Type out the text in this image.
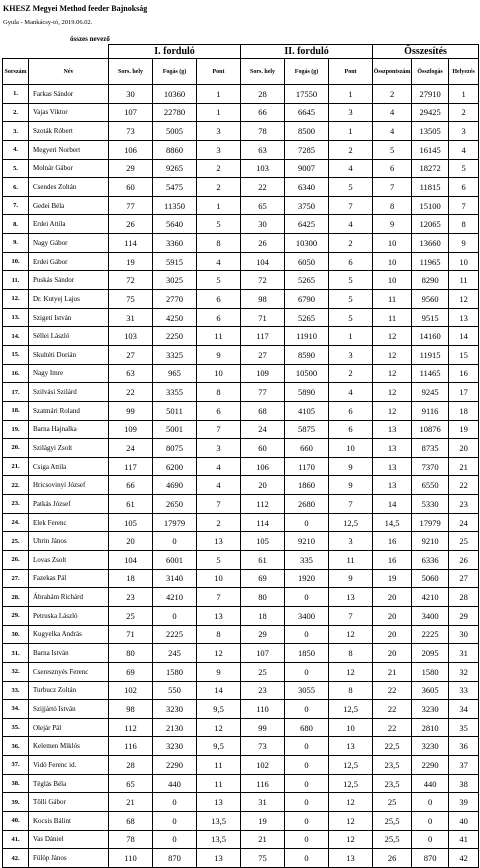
KHESZ Megyei Method feeder Bajnokság
Gyula - Mankácsy-tó, 2019.06.02.
összes nevező
		I. forduló			II. forduló			Összesítés		
Sorszám	Név	Sors. hely	Fogás (g)	Pont	Sors. hely	Fogás (g)	Pont	Összpontszám	Összfogás	Helyezés
1.	Farkas Sándor	30	10360	1	28	17550	1	2	27910	1
2.	Vajas Viktor	107	22780	1	66	6645	3	4	29425	2
3.	Szoták Róbert	73	5005	3	78	8500	1	4	13505	3
4.	Megyeri Norbert	106	8860	3	63	7285	2	5	16145	4
5.	Molnár Gábor	29	9265	2	103	9007	4	6	18272	5
6.	Csendes Zoltán	60	5475	2	22	6340	5	7	11815	6
7.	Gedei Béla	77	11350	1	65	3750	7	8	15100	7
8.	Erdei Attila	26	5640	5	30	6425	4	9	12065	8
9.	Nagy Gábor	114	3360	8	26	10300	2	10	13660	9
10.	Erdei Gábor	19	5915	4	104	6050	6	10	11965	10
11.	Puskás Sándor	72	3025	5	72	5265	5	10	8290	11
12.	Dr. Kutyej Lajos	75	2770	6	98	6790	5	11	9560	12
13.	Szigeti István	31	4250	6	71	5265	5	11	9515	13
14.	Séllei László	103	2250	11	117	11910	1	12	14160	14
15.	Skultéti Dorián	27	3325	9	27	8590	3	12	11915	15
16.	Nagy Imre	63	965	10	109	10500	2	12	11465	16
17.	Szilvási Szilárd	22	3355	8	77	5890	4	12	9245	17
18.	Szatmári Roland	99	5011	6	68	4105	6	12	9116	18
19.	Barna Hajnalka	109	5001	7	24	5875	6	13	10876	19
20.	Szilágyi Zsolt	24	8075	3	60	660	10	13	8735	20
21.	Csiga Attila	117	6200	4	106	1170	9	13	7370	21
22.	Hricsovinyi József	66	4690	4	20	1860	9	13	6550	22
23.	Patkás József	61	2650	7	112	2680	7	14	5330	23
24.	Elek Ferenc	105	17979	2	114	0	12,5	14,5	17979	24
25.	Uhrin János	20	0	13	105	9210	3	16	9210	25
26.	Lovas Zsolt	104	6001	5	61	335	11	16	6336	26
27.	Fazekas Pál	18	3140	10	69	1920	9	19	5060	27
28.	Ábrahám Richárd	23	4210	7	80	0	13	20	4210	28
29.	Petruska László	25	0	13	18	3400	7	20	3400	29
30.	Kugyelka András	71	2225	8	29	0	12	20	2225	30
31.	Barna István	80	245	12	107	1850	8	20	2095	31
32.	Cseresznyés Ferenc	69	1580	9	25	0	12	21	1580	32
33.	Turbucz Zoltán	102	550	14	23	3055	8	22	3605	33
34.	Szijjártó István	98	3230	9,5	110	0	12,5	22	3230	34
35.	Olejár Pál	112	2130	12	99	680	10	22	2810	35
36.	Kelemen Miklós	116	3230	9,5	73	0	13	22,5	3230	36
37.	Vidó Ferenc id.	28	2290	11	102	0	12,5	23,5	2290	37
38.	Téglás Béla	65	440	11	116	0	12,5	23,5	440	38
39.	Tölli Gábor	21	0	13	31	0	12	25	0	39
40.	Kocsis Bálint	68	0	13,5	19	0	12	25,5	0	40
41.	Vas Dániel	78	0	13,5	21	0	12	25,5	0	41
42.	Fülöp János	110	870	13	75	0	13	26	870	42
